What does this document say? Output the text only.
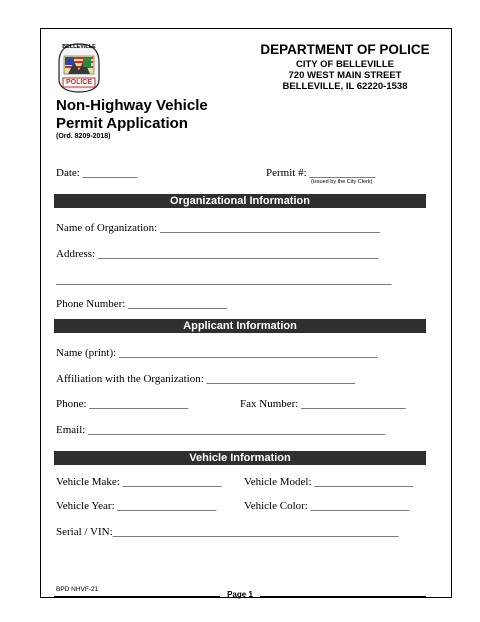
BELLEVILLE
POLICE
DEPARTMENT OF POLICE
CITY OF BELLEVILLE
720 WEST MAIN STREET
BELLEVILLE, IL 62220-1538
Non-Highway Vehicle
Permit Application
(Ord. 8209-2018)
Date: __________	Permit #: ____________
(issued by the City Clerk)
Organizational Information
Name of Organization: ________________________________________
Address: ___________________________________________________
_____________________________________________________________
Phone Number: __________________
Applicant Information
Name (print): _______________________________________________
Affiliation with the Organization: ___________________________
Phone: __________________	Fax Number: ___________________
Email: ______________________________________________________
Vehicle Information
Vehicle Make: __________________ Vehicle Model: __________________
Vehicle Year: __________________	Vehicle Color: __________________
Serial / VIN:____________________________________________________
BPD NHVF-21
Page 1
